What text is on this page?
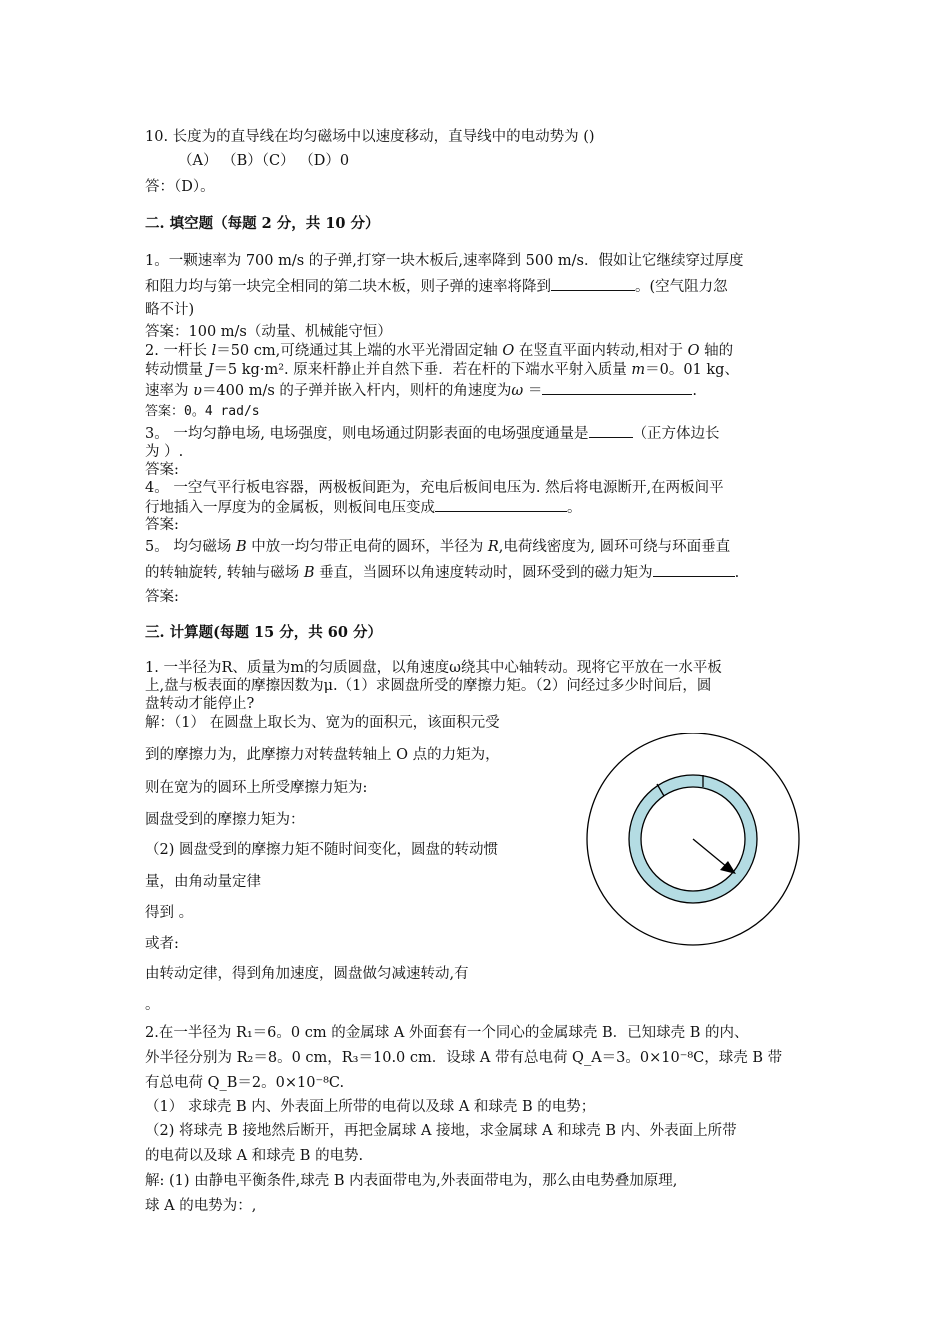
10. 长度为的直导线在均匀磁场中以速度移动，直导线中的电动势为 ()
（A） （B）（C） （D）0
答：（D）。
二. 填空题（每题 2 分，共 10 分）
1。一颗速率为 700 m/s 的子弹,打穿一块木板后,速率降到 500 m/s．假如让它继续穿过厚度
和阻力均与第一块完全相同的第二块木板，则子弹的速率将降到	。(空气阻力忽
略不计)
答案：100 m/s（动量、机械能守恒）
2. 一杆长 l＝50 cm,可绕通过其上端的水平光滑固定轴 O 在竖直平面内转动,相对于 O 轴的
转动惯量 J＝5 kg·m². 原来杆静止并自然下垂．若在杆的下端水平射入质量 m＝0。01 kg、
速率为 υ＝400 m/s 的子弹并嵌入杆内，则杆的角速度为ω ＝	.
答案：0。4 rad/s
3。 一均匀静电场, 电场强度，则电场通过阴影表面的电场强度通量是	（正方体边长
为 ）.
答案:
4。 一空气平行板电容器，两极板间距为，充电后板间电压为. 然后将电源断开,在两板间平
行地插入一厚度为的金属板，则板间电压变成	。
答案:
5。 均匀磁场 B 中放一均匀带正电荷的圆环，半径为 R,电荷线密度为, 圆环可绕与环面垂直
的转轴旋转, 转轴与磁场 B 垂直，当圆环以角速度转动时，圆环受到的磁力矩为	.
答案:
三. 计算题(每题 15 分，共 60 分）
1. 一半径为R、质量为m的匀质圆盘，以角速度ω绕其中心轴转动。现将它平放在一水平板
上,盘与板表面的摩擦因数为μ.（1）求圆盘所受的摩擦力矩。（2）问经过多少时间后，圆
盘转动才能停止?
解：（1） 在圆盘上取长为、宽为的面积元，该面积元受
到的摩擦力为，此摩擦力对转盘转轴上 O 点的力矩为，
则在宽为的圆环上所受摩擦力矩为:
圆盘受到的摩擦力矩为：
（2) 圆盘受到的摩擦力矩不随时间变化，圆盘的转动惯
量，由角动量定律
得到 。
或者:
由转动定律，得到角加速度，圆盘做匀减速转动,有
。
2.在一半径为 R₁＝6。0 cm 的金属球 A 外面套有一个同心的金属球壳 B．已知球壳 B 的内、
外半径分别为 R₂＝8。0 cm，R₃＝10.0 cm．设球 A 带有总电荷 Q_A＝3。0×10⁻⁸C，球壳 B 带
有总电荷 Q_B＝2。0×10⁻⁸C.
（1） 求球壳 B 内、外表面上所带的电荷以及球 A 和球壳 B 的电势；
（2) 将球壳 B 接地然后断开，再把金属球 A 接地，求金属球 A 和球壳 B 内、外表面上所带
的电荷以及球 A 和球壳 B 的电势.
解: (1) 由静电平衡条件,球壳 B 内表面带电为,外表面带电为，那么由电势叠加原理,
球 A 的电势为：,
